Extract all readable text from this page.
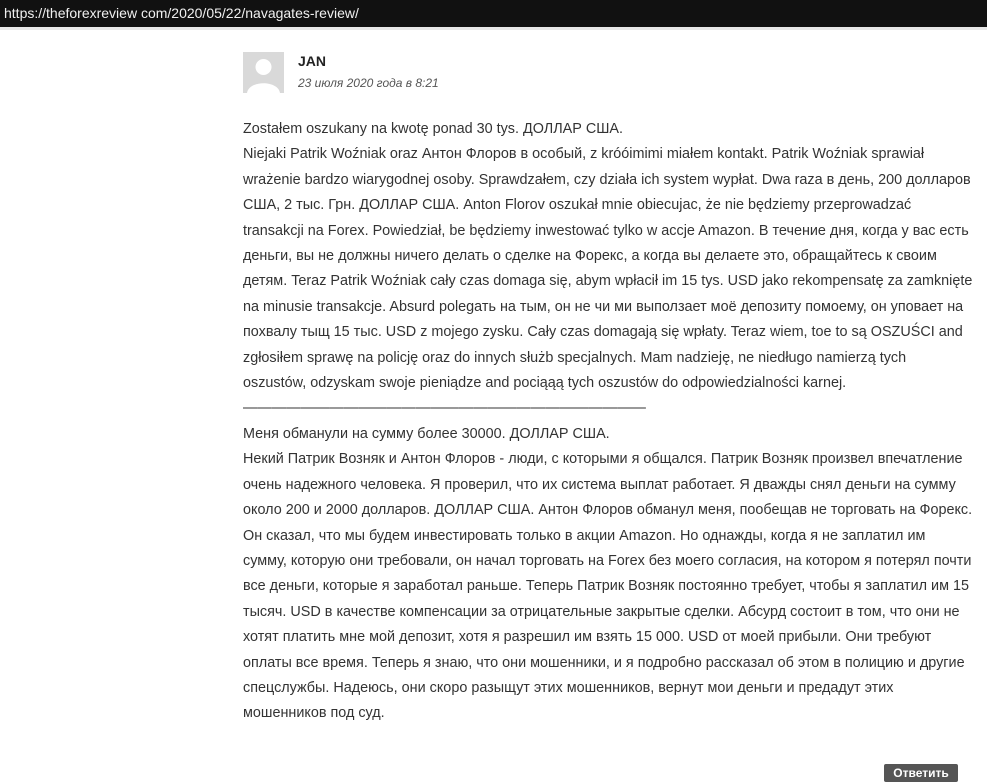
https://theforexreview com/2020/05/22/navagates-review/
JAN
23 июля 2020 года в 8:21

Zostałem oszukany na kwotę ponad 30 tys. ДОЛЛАР США.

Niejaki Patrik Woźniak oraz Антон Флоров в особый, z króóimimi miałem kontakt. Patrik Woźniak sprawiał wrażenie bardzo wiarygodnej osoby. Sprawdzałem, czy działa ich system wypłat. Dwa raza в день, 200 долларов США, 2 тыс. Грн. ДОЛЛАР США. Anton Florov oszukał mnie obiecujac, że nie będziemy przeprowadzać transakcji na Forex. Powiedział, be będziemy inwestować tylko w accje Amazon. В течение дня, когда у вас есть деньги, вы не должны ничего делать о сделке на Форекс, а когда вы делаете это, обращайтесь к своим детям. Teraz Patrik Woźniak cały czas domaga się, abym wpłacił im 15 tys. USD jako rekompensatę za zamknięte na minusie transakcje. Absurd polegать на тым, он не чи ми выползает моё депозиту помоему, он уповает на похвалу тыщ 15 тыс. USD z mojego zysku. Cały czas domagają się wpłaty. Teraz wiem, toe to są OSZUŚCI and zgłosiłem sprawę na policję oraz do innych służb specjalnych. Mam nadzieję, ne niedługo namierzą tych oszustów, odzyskam swoje pieniądze and pociąąą tych oszustów do odpowiedzialności karnej.

————————————————————————————

Меня обманули на сумму более 30000. ДОЛЛАР США.

Некий Патрик Возняк и Антон Флоров - люди, с которыми я общался. Патрик Возняк произвел впечатление очень надежного человека. Я проверил, что их система выплат работает. Я дважды снял деньги на сумму около 200 и 2000 долларов. ДОЛЛАР США. Антон Флоров обманул меня, пообещав не торговать на Форекс. Он сказал, что мы будем инвестировать только в акции Amazon. Но однажды, когда я не заплатил им сумму, которую они требовали, он начал торговать на Forex без моего согласия, на котором я потерял почти все деньги, которые я заработал раньше. Теперь Патрик Возняк постоянно требует, чтобы я заплатил им 15 тысяч. USD в качестве компенсации за отрицательные закрытые сделки. Абсурд состоит в том, что они не хотят платить мне мой депозит, хотя я разрешил им взять 15 000. USD от моей прибыли. Они требуют оплаты все время. Теперь я знаю, что они мошенники, и я подробно рассказал об этом в полицию и другие спецслужбы. Надеюсь, они скоро разыщут этих мошенников, вернут мои деньги и предадут этих мошенников под суд.

Ответить
